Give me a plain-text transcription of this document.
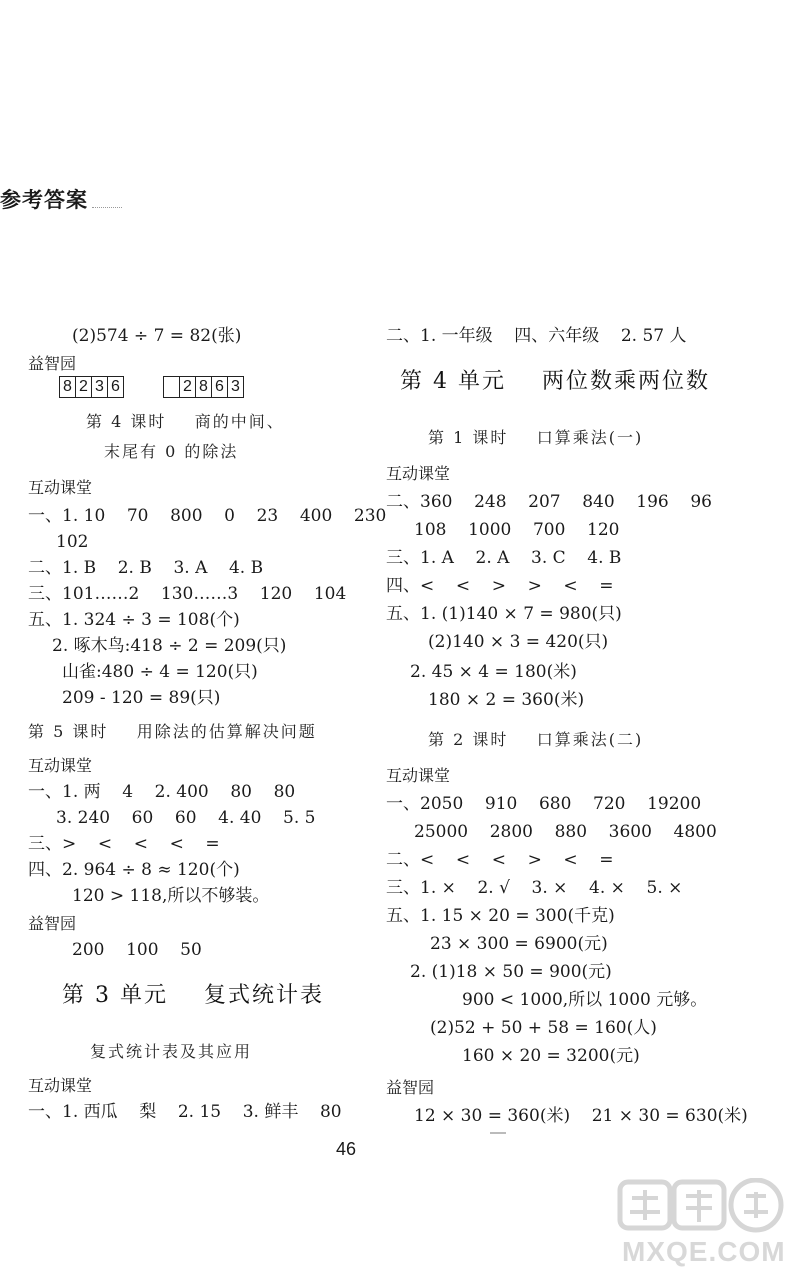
参考答案
(2)574 ÷ 7 = 82(张)
益智园
8 2 3 6	2 8 6 3
第 4 课时    商的中间、
末尾有 0 的除法
互动课堂
一、1. 10    70    800    0    23    400    230
102
二、1. B    2. B    3. A    4. B
三、101……2    130……3    120    104
五、1. 324 ÷ 3 = 108(个)
2. 啄木鸟:418 ÷ 2 = 209(只)
山雀:480 ÷ 4 = 120(只)
209 - 120 = 89(只)
第 5 课时    用除法的估算解决问题
互动课堂
一、1. 两    4    2. 400    80    80
3. 240    60    60    4. 40    5. 5
三、>    <    <    <    =
四、2. 964 ÷ 8 ≈ 120(个)
120 > 118,所以不够装。
益智园
200    100    50
第 3 单元    复式统计表
复式统计表及其应用
互动课堂
一、1. 西瓜    梨    2. 15    3. 鲜丰    80
二、1. 一年级    四、六年级    2. 57 人
第 4 单元    两位数乘两位数
第 1 课时    口算乘法(一)
互动课堂
二、360    248    207    840    196    96
108    1000    700    120
三、1. A    2. A    3. C    4. B
四、<    <    >    >    <    =
五、1. (1)140 × 7 = 980(只)
(2)140 × 3 = 420(只)
2. 45 × 4 = 180(米)
180 × 2 = 360(米)
第 2 课时    口算乘法(二)
互动课堂
一、2050    910    680    720    19200
25000    2800    880    3600    4800
二、<    <    <    >    <    =
三、1. ×    2. √    3. ×    4. ×    5. ×
五、1. 15 × 20 = 300(千克)
23 × 300 = 6900(元)
2. (1)18 × 50 = 900(元)
900 < 1000,所以 1000 元够。
(2)52 + 50 + 58 = 160(人)
160 × 20 = 3200(元)
益智园
12 × 30 = 360(米)    21 × 30 = 630(米)
46
MXQE.COM
